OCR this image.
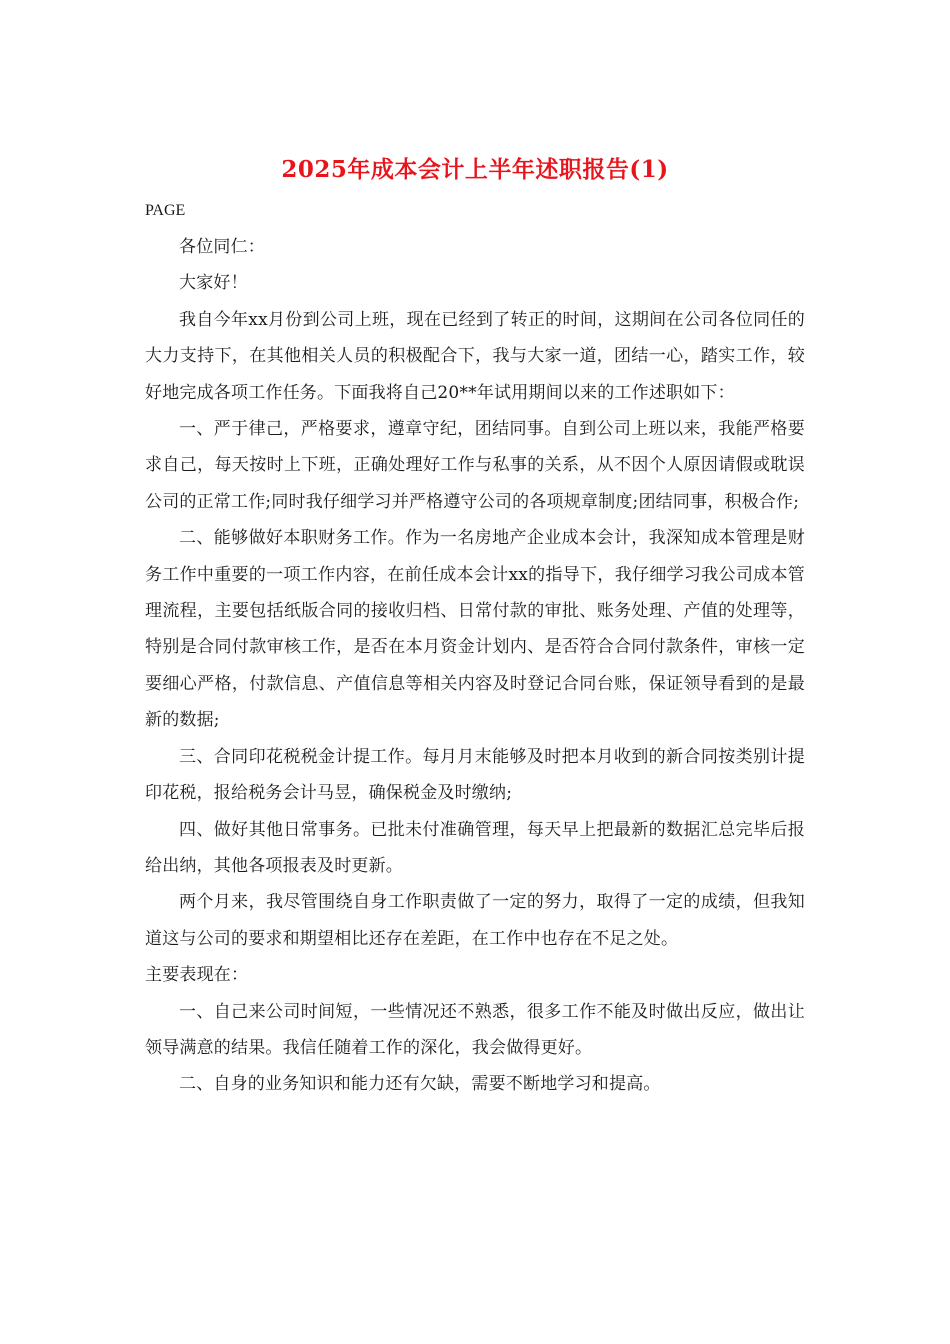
2025年成本会计上半年述职报告(1)
PAGE

各位同仁：

大家好！

我自今年xx月份到公司上班，现在已经到了转正的时间，这期间在公司各位同任的大力支持下，在其他相关人员的积极配合下，我与大家一道，团结一心，踏实工作，较好地完成各项工作任务。下面我将自己20**年试用期间以来的工作述职如下：

一、严于律己，严格要求，遵章守纪，团结同事。自到公司上班以来，我能严格要求自己，每天按时上下班，正确处理好工作与私事的关系，从不因个人原因请假或耽误公司的正常工作;同时我仔细学习并严格遵守公司的各项规章制度;团结同事，积极合作;

二、能够做好本职财务工作。作为一名房地产企业成本会计，我深知成本管理是财务工作中重要的一项工作内容，在前任成本会计xx的指导下，我仔细学习我公司成本管理流程，主要包括纸版合同的接收归档、日常付款的审批、账务处理、产值的处理等，特别是合同付款审核工作，是否在本月资金计划内、是否符合合同付款条件，审核一定要细心严格，付款信息、产值信息等相关内容及时登记合同台账，保证领导看到的是最新的数据;

三、合同印花税税金计提工作。每月月末能够及时把本月收到的新合同按类别计提印花税，报给税务会计马昱，确保税金及时缴纳;

四、做好其他日常事务。已批未付准确管理，每天早上把最新的数据汇总完毕后报给出纳，其他各项报表及时更新。

两个月来，我尽管围绕自身工作职责做了一定的努力，取得了一定的成绩，但我知道这与公司的要求和期望相比还存在差距，在工作中也存在不足之处。

主要表现在：

一、自己来公司时间短，一些情况还不熟悉，很多工作不能及时做出反应，做出让领导满意的结果。我信任随着工作的深化，我会做得更好。

二、自身的业务知识和能力还有欠缺，需要不断地学习和提高。
